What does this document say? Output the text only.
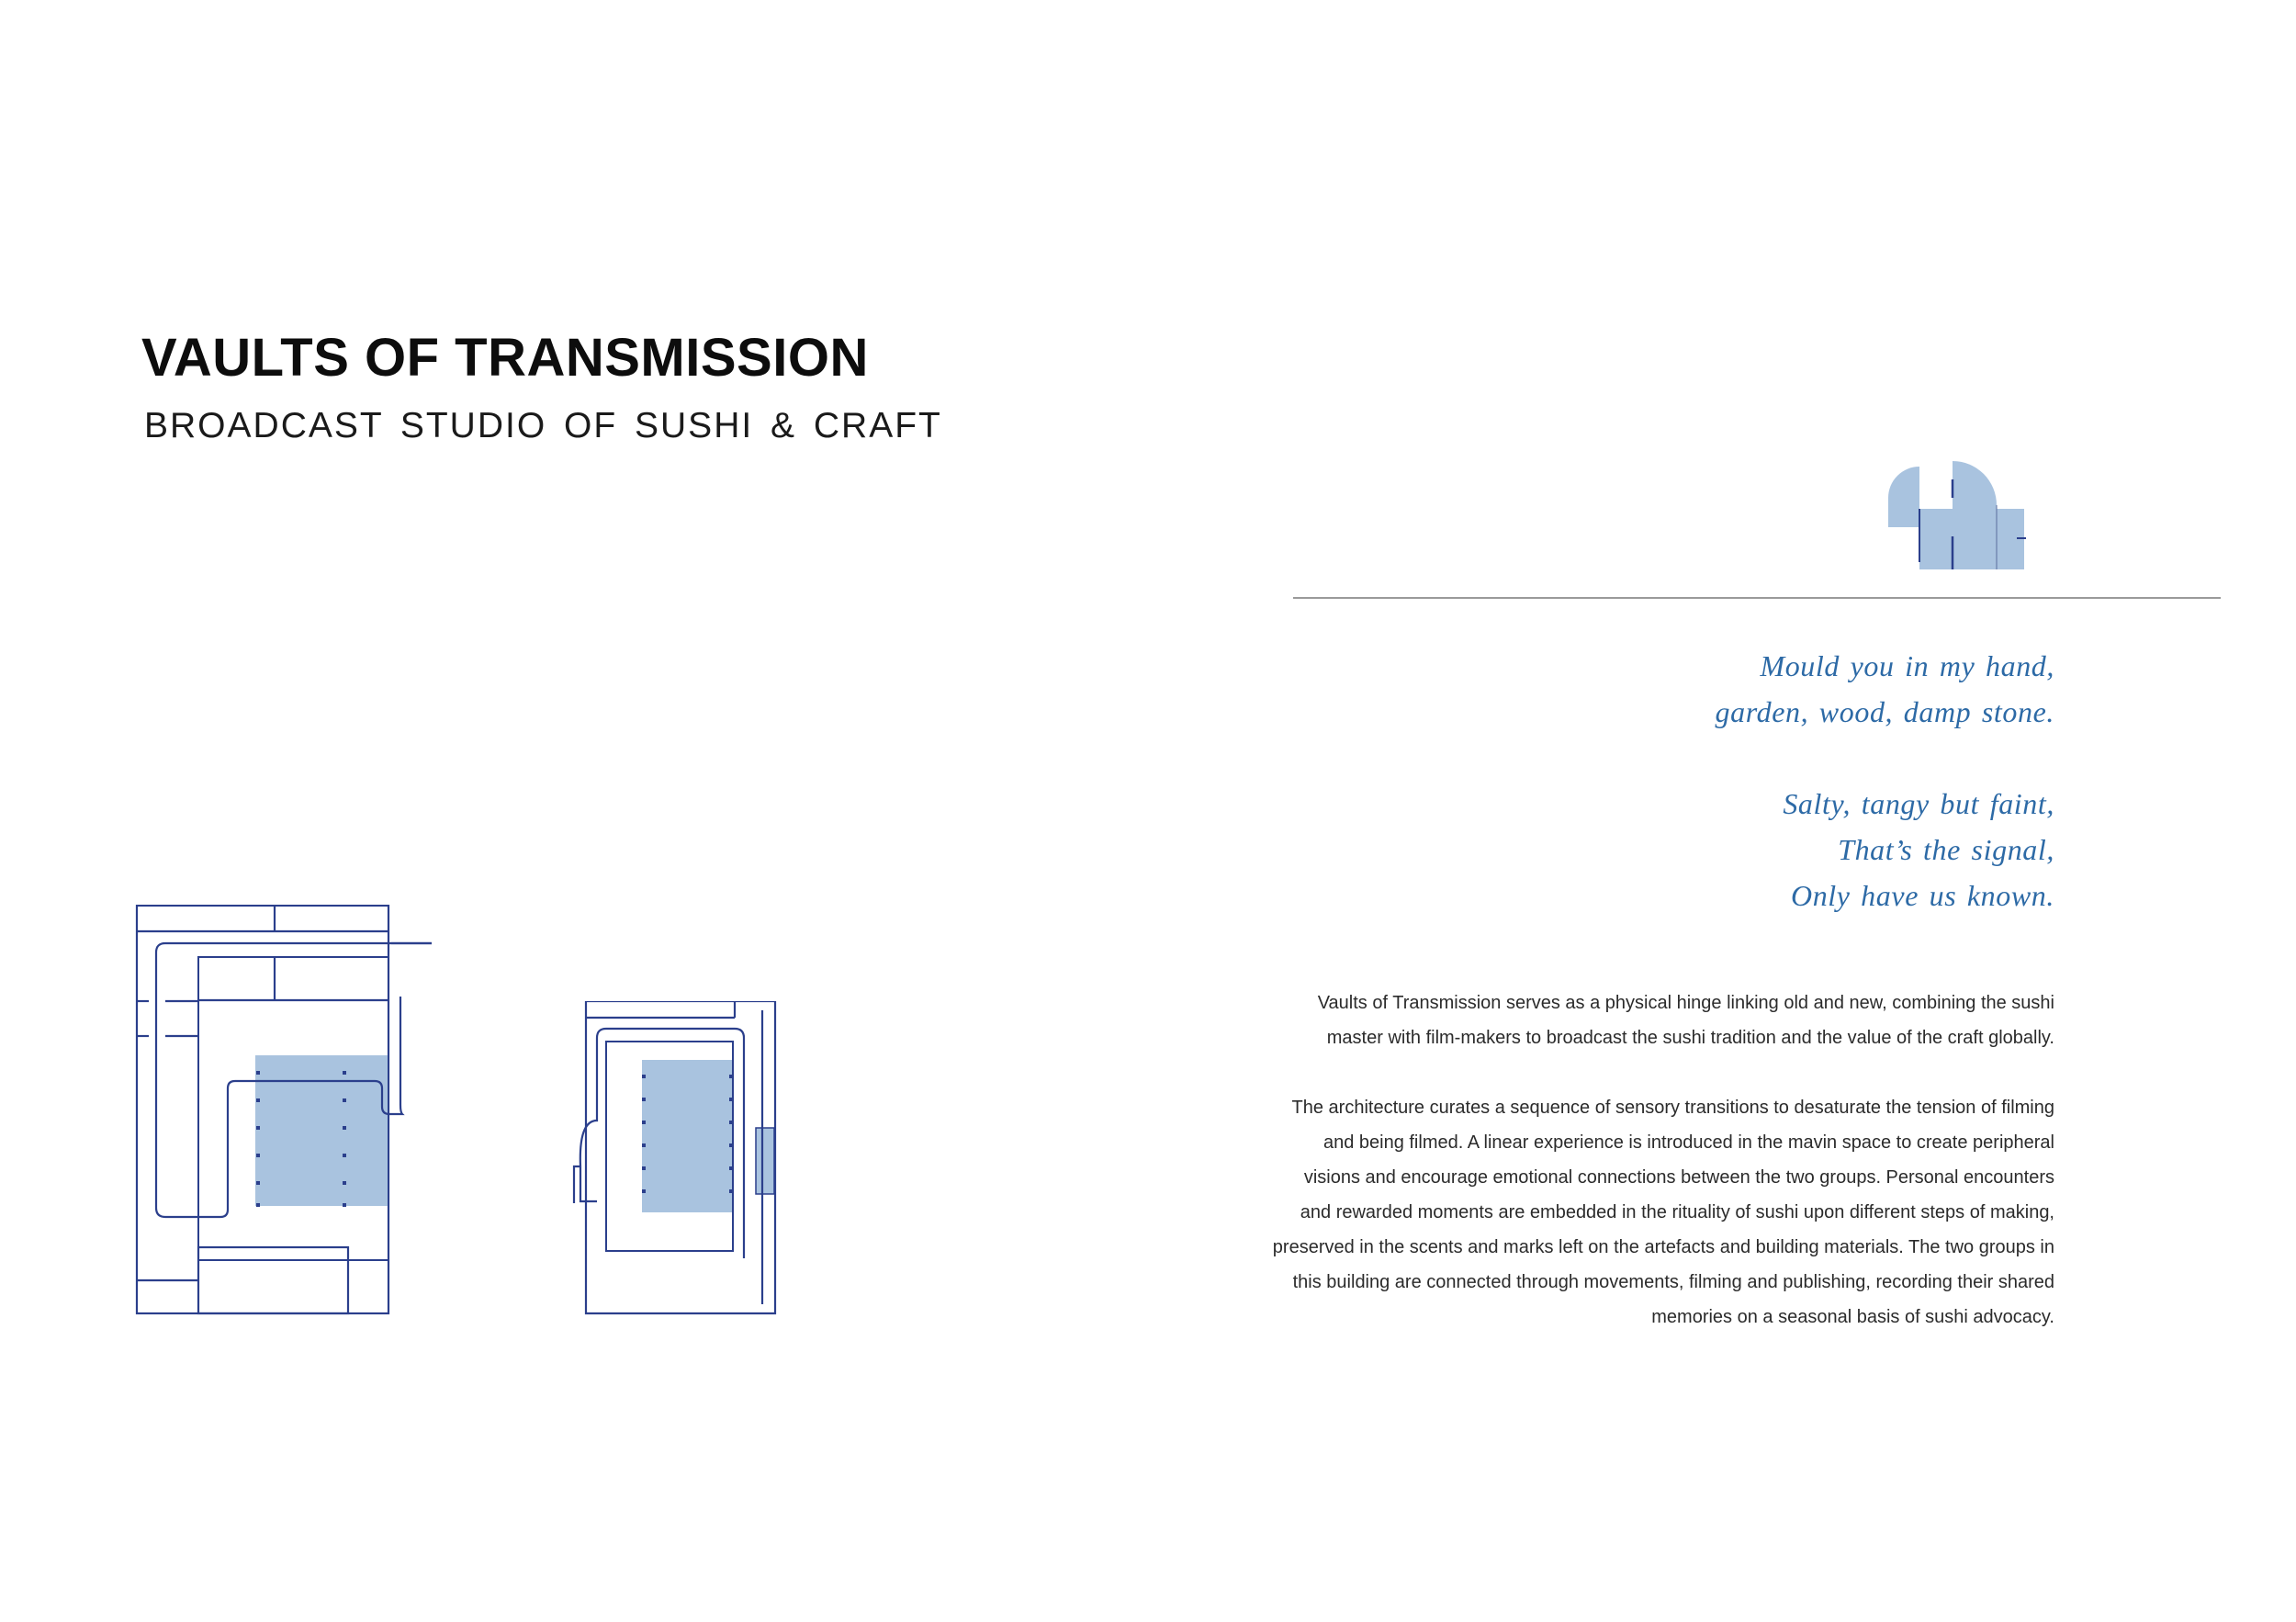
VAULTS OF TRANSMISSION
BROADCAST STUDIO OF SUSHI & CRAFT
Mould you in my hand,
garden, wood, damp stone.
Salty, tangy but faint,
That’s the signal,
Only have us known.

Vaults of Transmission serves as a physical hinge linking old and new, combining the sushi
master with film-makers to broadcast the sushi tradition and the value of the craft globally.

The architecture curates a sequence of sensory transitions to desaturate the tension of filming
and being filmed. A linear experience is introduced in the mavin space to create peripheral
visions and encourage emotional connections between the two groups. Personal encounters
and rewarded moments are embedded in the rituality of sushi upon different steps of making,
preserved in the scents and marks left on the artefacts and building materials. The two groups in
this building are connected through movements, filming and publishing, recording their shared
memories on a seasonal basis of sushi advocacy.
